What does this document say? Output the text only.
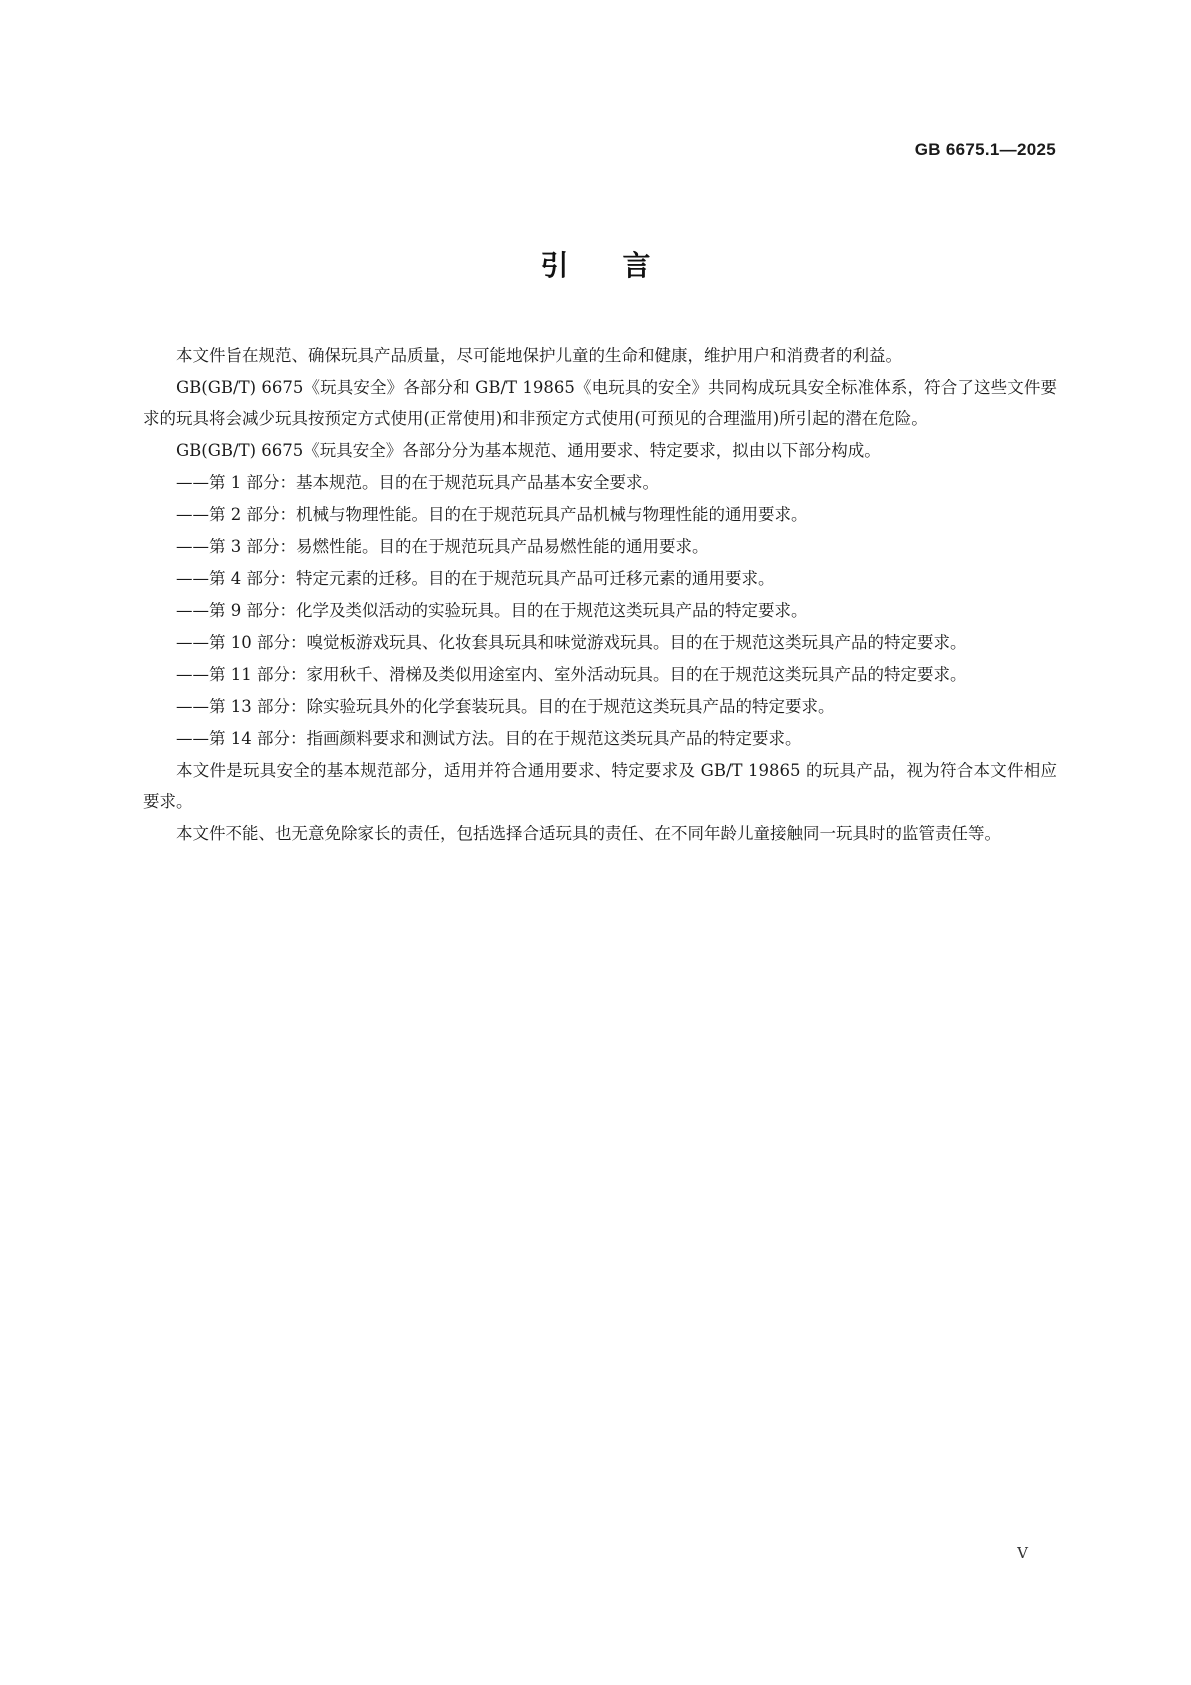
GB 6675.1—2025
引言

本文件旨在规范、确保玩具产品质量，尽可能地保护儿童的生命和健康，维护用户和消费者的利益。

GB(GB/T) 6675《玩具安全》各部分和 GB/T 19865《电玩具的安全》共同构成玩具安全标准体系，符合了这些文件要求的玩具将会减少玩具按预定方式使用(正常使用)和非预定方式使用(可预见的合理滥用)所引起的潜在危险。

GB(GB/T) 6675《玩具安全》各部分分为基本规范、通用要求、特定要求，拟由以下部分构成。

——第 1 部分：基本规范。目的在于规范玩具产品基本安全要求。

——第 2 部分：机械与物理性能。目的在于规范玩具产品机械与物理性能的通用要求。

——第 3 部分：易燃性能。目的在于规范玩具产品易燃性能的通用要求。

——第 4 部分：特定元素的迁移。目的在于规范玩具产品可迁移元素的通用要求。

——第 9 部分：化学及类似活动的实验玩具。目的在于规范这类玩具产品的特定要求。

——第 10 部分：嗅觉板游戏玩具、化妆套具玩具和味觉游戏玩具。目的在于规范这类玩具产品的特定要求。

——第 11 部分：家用秋千、滑梯及类似用途室内、室外活动玩具。目的在于规范这类玩具产品的特定要求。

——第 13 部分：除实验玩具外的化学套装玩具。目的在于规范这类玩具产品的特定要求。

——第 14 部分：指画颜料要求和测试方法。目的在于规范这类玩具产品的特定要求。

本文件是玩具安全的基本规范部分，适用并符合通用要求、特定要求及 GB/T 19865 的玩具产品，视为符合本文件相应要求。

本文件不能、也无意免除家长的责任，包括选择合适玩具的责任、在不同年龄儿童接触同一玩具时的监管责任等。

V
